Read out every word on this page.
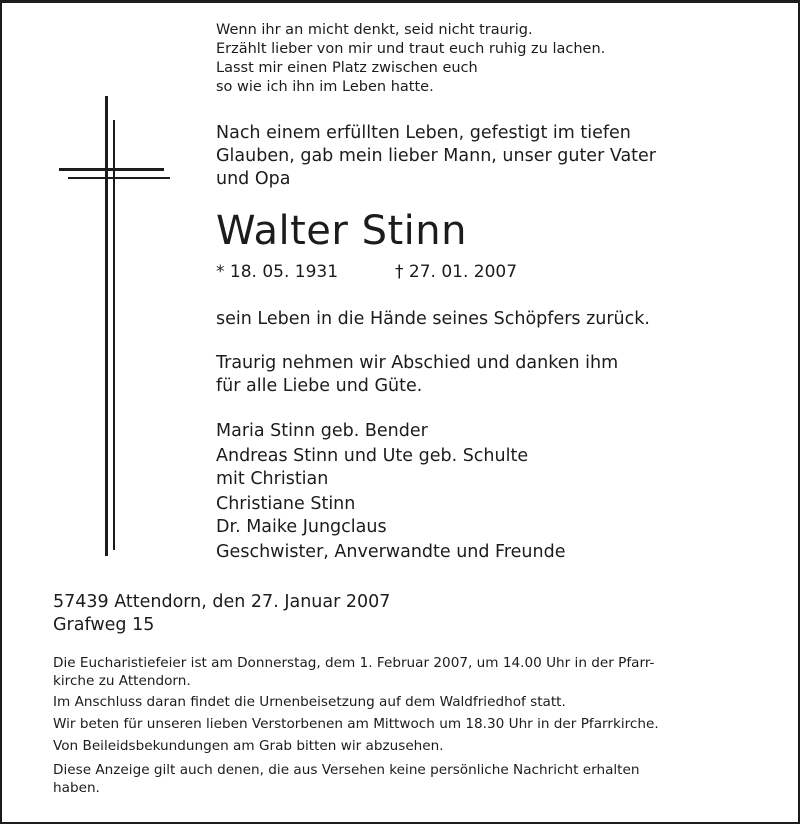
Wenn ihr an micht denkt, seid nicht traurig.
Erzählt lieber von mir und traut euch ruhig zu lachen.
Lasst mir einen Platz zwischen euch
so wie ich ihn im Leben hatte.
Nach einem erfüllten Leben, gefestigt im tiefen
Glauben, gab mein lieber Mann, unser guter Vater
und Opa
Walter Stinn
* 18. 05. 1931	† 27. 01. 2007
sein Leben in die Hände seines Schöpfers zurück.
Traurig nehmen wir Abschied und danken ihm
für alle Liebe und Güte.
Maria Stinn geb. Bender
Andreas Stinn und Ute geb. Schulte
mit Christian
Christiane Stinn
Dr. Maike Jungclaus
Geschwister, Anverwandte und Freunde
57439 Attendorn, den 27. Januar 2007
Grafweg 15
Die Eucharistiefeier ist am Donnerstag, dem 1. Februar 2007, um 14.00 Uhr in der Pfarr-
kirche zu Attendorn.
Im Anschluss daran findet die Urnenbeisetzung auf dem Waldfriedhof statt.
Wir beten für unseren lieben Verstorbenen am Mittwoch um 18.30 Uhr in der Pfarrkirche.
Von Beileidsbekundungen am Grab bitten wir abzusehen.
Diese Anzeige gilt auch denen, die aus Versehen keine persönliche Nachricht erhalten
haben.
